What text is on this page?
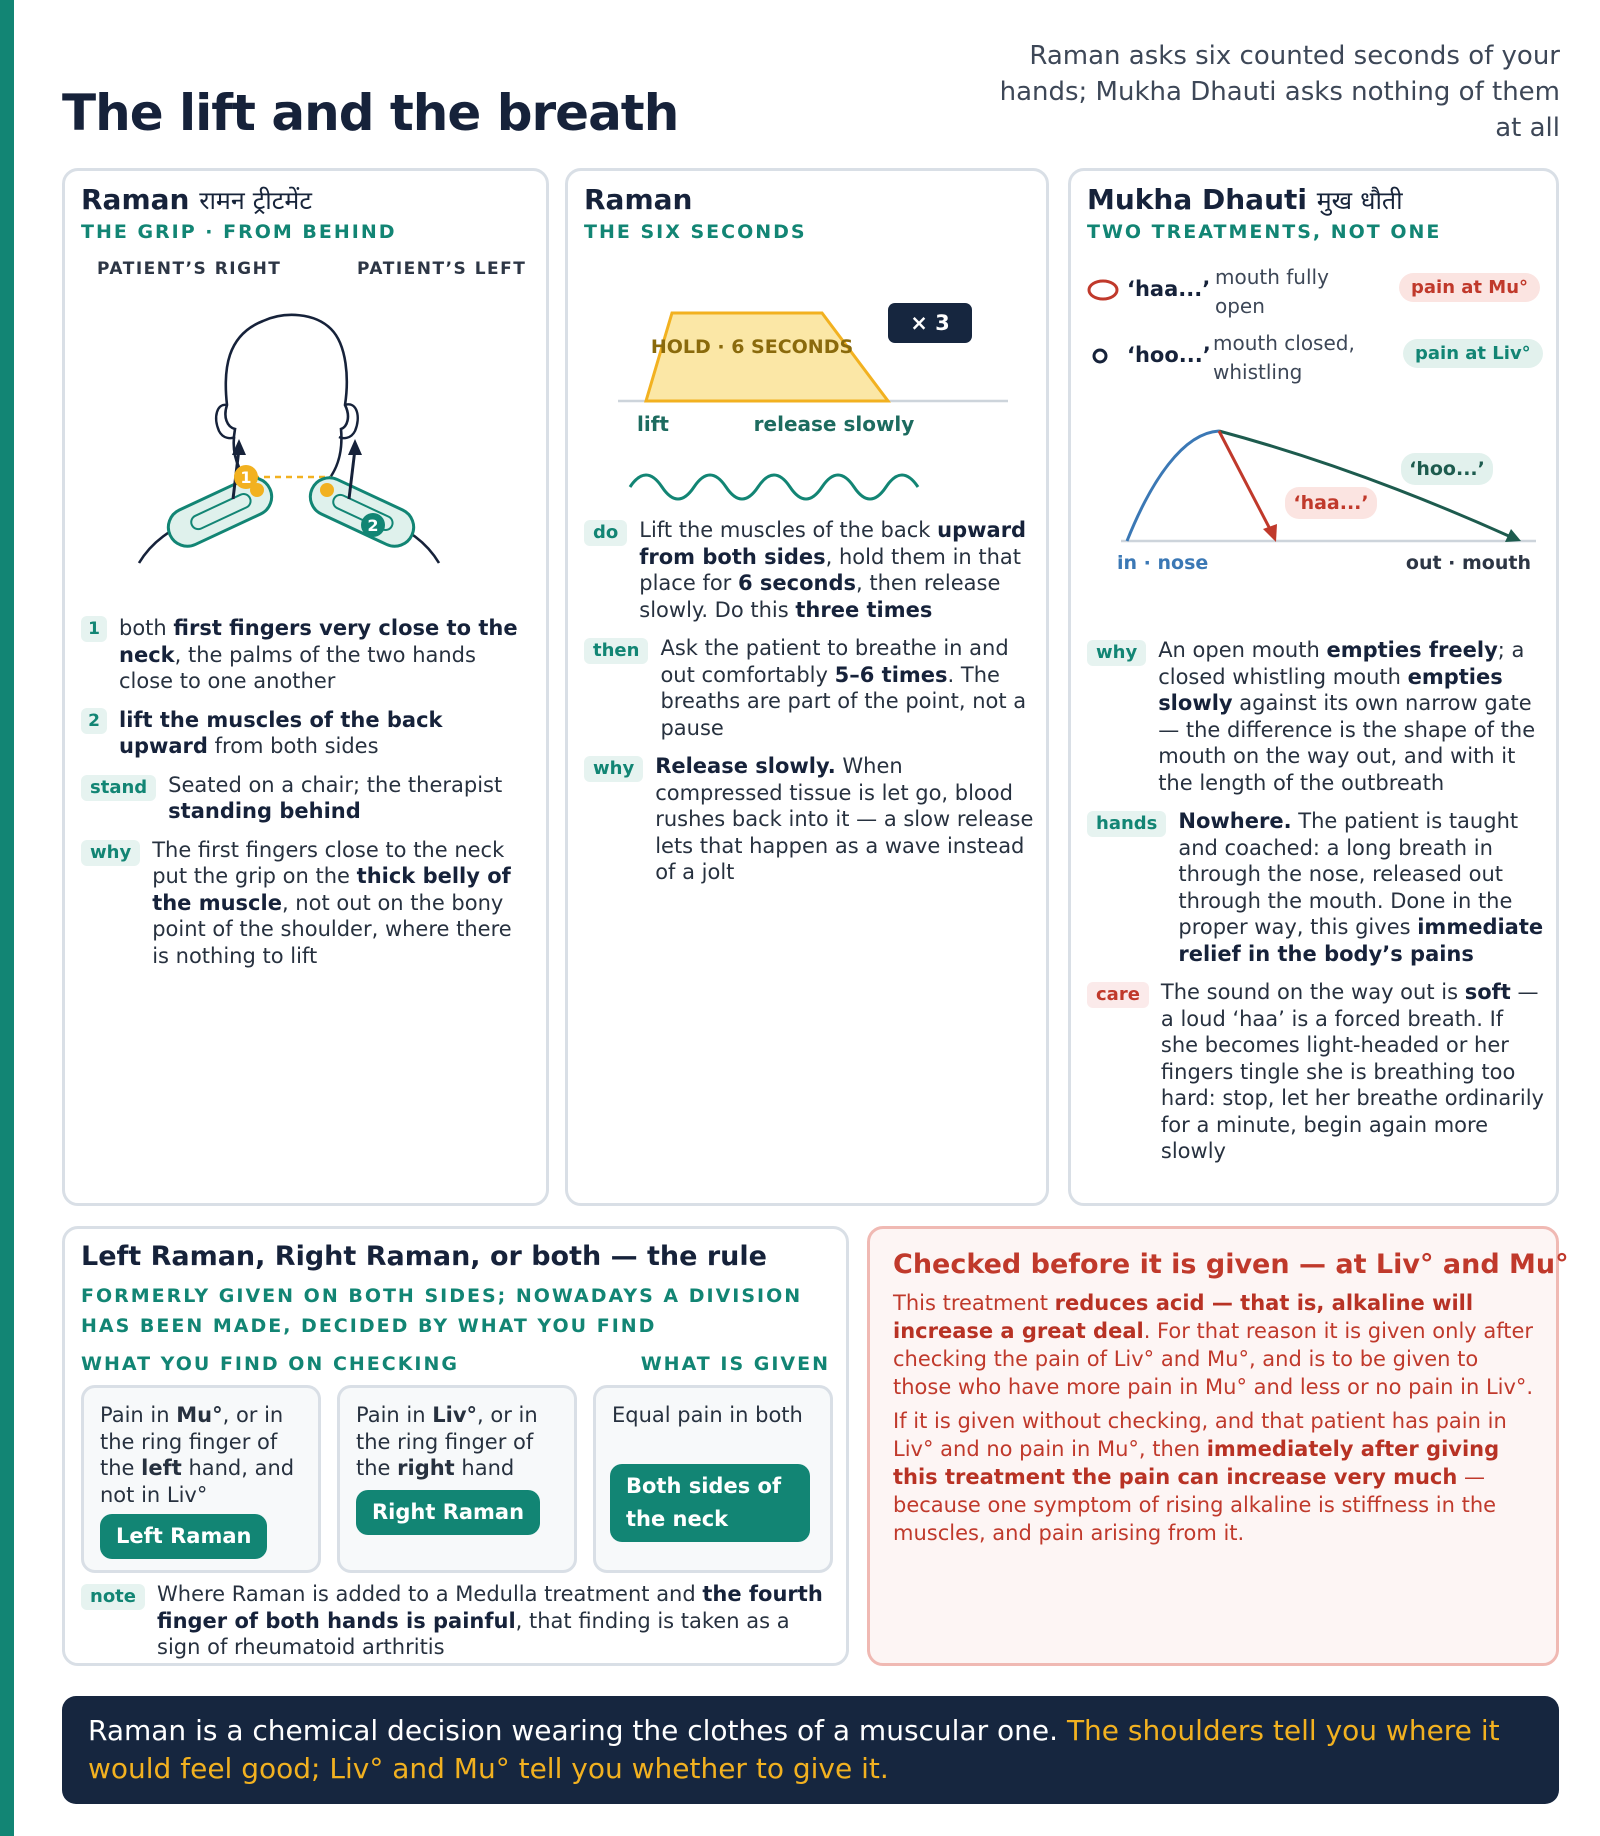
The lift and the breath

Raman asks six counted seconds of your hands; Mukha Dhauti asks nothing of them at all

Raman रामन ट्रीटमेंट
THE GRIP · FROM BEHIND
PATIENT’S RIGHT	PATIENT’S LEFT
1
2
1 both first fingers very close to the neck, the palms of the two hands close to one another
2 lift the muscles of the back upward from both sides
stand	Seated on a chair; the therapist standing behind
why	The first fingers close to the neck put the grip on the thick belly of the muscle, not out on the bony point of the shoulder, where there is nothing to lift
Raman
THE SIX SECONDS
HOLD · 6 SECONDS
× 3
lift	release slowly
do	Lift the muscles of the back upward from both sides, hold them in that place for 6 seconds, then release slowly. Do this three times
then	Ask the patient to breathe in and out comfortably 5–6 times. The breaths are part of the point, not a pause
why	Release slowly. When compressed tissue is let go, blood rushes back into it — a slow release lets that happen as a wave instead of a jolt
Mukha Dhauti मुख धौती
TWO TREATMENTS, NOT ONE
‘haa...’ mouth fully open
pain at Mu°
‘hoo...’ mouth closed, whistling
pain at Liv°
‘hoo...’
‘haa...’
in · nose	out · mouth
why	An open mouth empties freely; a closed whistling mouth empties slowly against its own narrow gate — the difference is the shape of the mouth on the way out, and with it the length of the outbreath
hands	Nowhere. The patient is taught and coached: a long breath in through the nose, released out through the mouth. Done in the proper way, this gives immediate relief in the body’s pains
care	The sound on the way out is soft — a loud ‘haa’ is a forced breath. If she becomes light-headed or her fingers tingle she is breathing too hard: stop, let her breathe ordinarily for a minute, begin again more slowly
Left Raman, Right Raman, or both — the rule
FORMERLY GIVEN ON BOTH SIDES; NOWADAYS A DIVISION HAS BEEN MADE, DECIDED BY WHAT YOU FIND
WHAT YOU FIND ON CHECKING	WHAT IS GIVEN
Pain in Mu°, or in the ring finger of the left hand, and not in Liv°
Left Raman
Pain in Liv°, or in the ring finger of the right hand
Right Raman
Equal pain in both
Both sides of the neck
note	Where Raman is added to a Medulla treatment and the fourth finger of both hands is painful, that finding is taken as a sign of rheumatoid arthritis
Checked before it is given — at Liv° and Mu°
This treatment reduces acid — that is, alkaline will increase a great deal. For that reason it is given only after checking the pain of Liv° and Mu°, and is to be given to those who have more pain in Mu° and less or no pain in Liv°.
If it is given without checking, and that patient has pain in Liv° and no pain in Mu°, then immediately after giving this treatment the pain can increase very much — because one symptom of rising alkaline is stiffness in the muscles, and pain arising from it.
Raman is a chemical decision wearing the clothes of a muscular one. The shoulders tell you where it would feel good; Liv° and Mu° tell you whether to give it.
